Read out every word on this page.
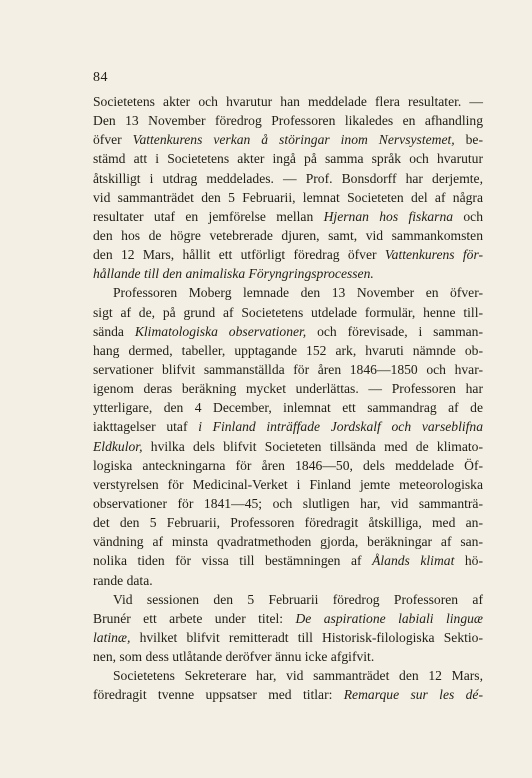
84
Societetens akter och hvarutur han meddelade flera resultater. —
Den 13 November föredrog Professoren likaledes en afhandling
öfver Vattenkurens verkan å störingar inom Nervsystemet, be-
stämd att i Societetens akter ingå på samma språk och hvarutur
åtskilligt i utdrag meddelades. — Prof. Bonsdorff har derjemte,
vid sammanträdet den 5 Februarii, lemnat Societeten del af några
resultater utaf en jemförelse mellan Hjernan hos fiskarna och
den hos de högre vetebrerade djuren, samt, vid sammankomsten
den 12 Mars, hållit ett utförligt föredrag öfver Vattenkurens för-
hållande till den animaliska Föryngringsprocessen.
Professoren Moberg lemnade den 13 November en öfver-
sigt af de, på grund af Societetens utdelade formulär, henne till-
sända Klimatologiska observationer, och förevisade, i samman-
hang dermed, tabeller, upptagande 152 ark, hvaruti nämnde ob-
servationer blifvit sammanställda för åren 1846—1850 och hvar-
igenom deras beräkning mycket underlättas. — Professoren har
ytterligare, den 4 December, inlemnat ett sammandrag af de
iakttagelser utaf i Finland inträffade Jordskalf och varseblifna
Eldkulor, hvilka dels blifvit Societeten tillsända med de klimato-
logiska anteckningarna för åren 1846—50, dels meddelade Öf-
verstyrelsen för Medicinal-Verket i Finland jemte meteorologiska
observationer för 1841—45; och slutligen har, vid sammanträ-
det den 5 Februarii, Professoren föredragit åtskilliga, med an-
vändning af minsta qvadratmethoden gjorda, beräkningar af san-
nolika tiden för vissa till bestämningen af Ålands klimat hö-
rande data.
Vid sessionen den 5 Februarii föredrog Professoren af
Brunér ett arbete under titel: De aspiratione labiali linguæ
latinæ, hvilket blifvit remitteradt till Historisk-filologiska Sektio-
nen, som dess utlåtande deröfver ännu icke afgifvit.
Societetens Sekreterare har, vid sammanträdet den 12 Mars,
föredragit tvenne uppsatser med titlar: Remarque sur les dé-
